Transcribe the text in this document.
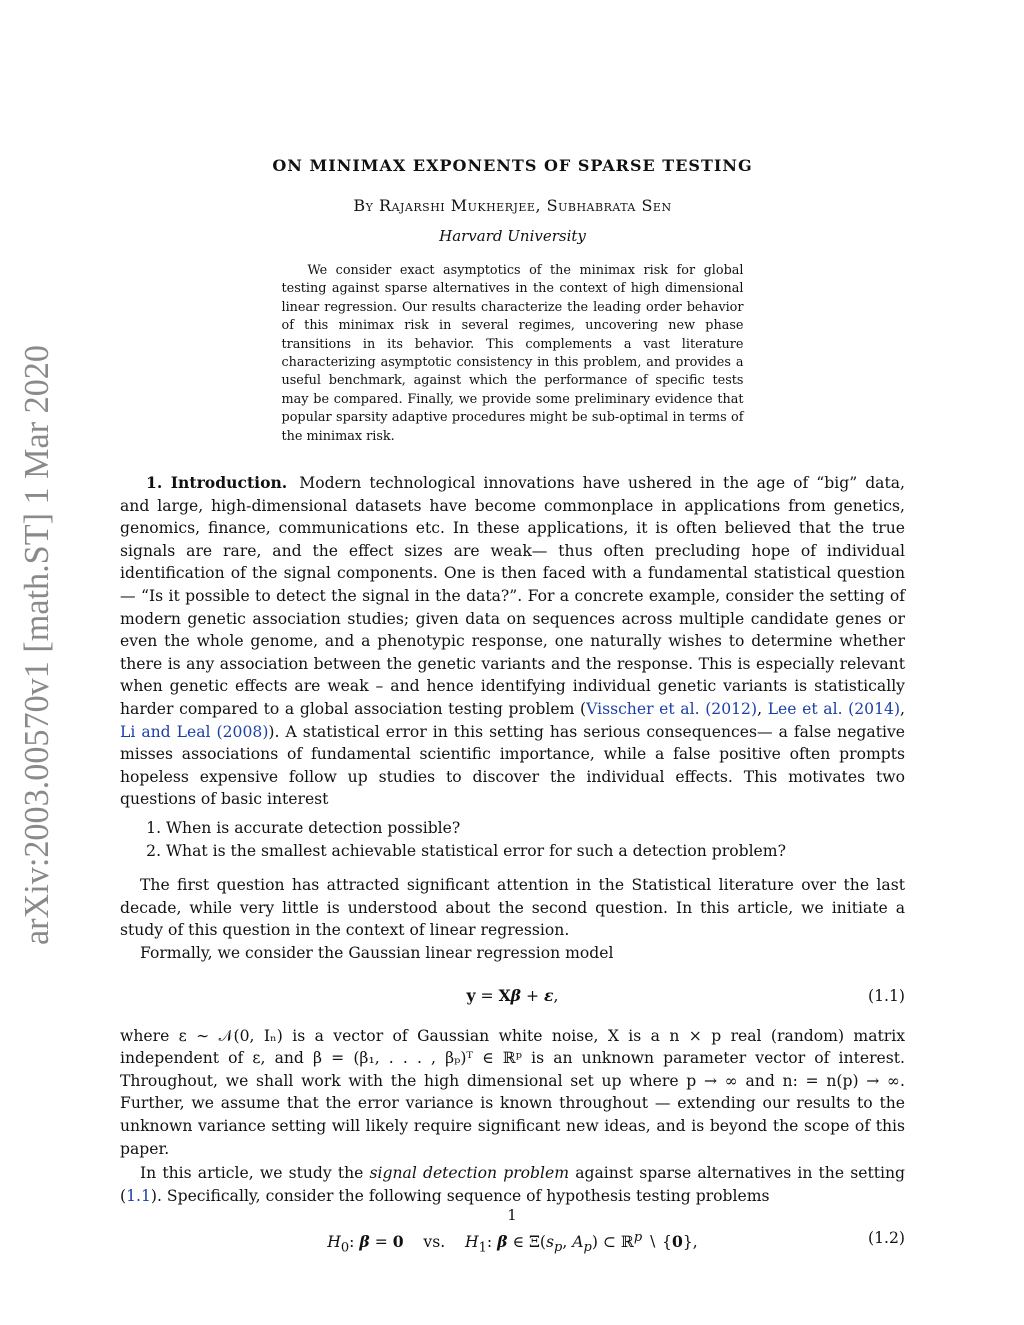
arXiv:2003.00570v1 [math.ST] 1 Mar 2020
ON MINIMAX EXPONENTS OF SPARSE TESTING
By Rajarshi Mukherjee, Subhabrata Sen
Harvard University

We consider exact asymptotics of the minimax risk for global testing against sparse alternatives in the context of high dimensional linear regression. Our results characterize the leading order behavior of this minimax risk in several regimes, uncovering new phase transitions in its behavior. This complements a vast literature characterizing asymptotic consistency in this problem, and provides a useful benchmark, against which the performance of specific tests may be compared. Finally, we provide some preliminary evidence that popular sparsity adaptive procedures might be sub-optimal in terms of the minimax risk.

1. Introduction. Modern technological innovations have ushered in the age of “big” data, and large, high-dimensional datasets have become commonplace in applications from genetics, genomics, finance, communications etc. In these applications, it is often believed that the true signals are rare, and the effect sizes are weak— thus often precluding hope of individual identification of the signal components. One is then faced with a fundamental statistical question— “Is it possible to detect the signal in the data?”. For a concrete example, consider the setting of modern genetic association studies; given data on sequences across multiple candidate genes or even the whole genome, and a phenotypic response, one naturally wishes to determine whether there is any association between the genetic variants and the response. This is especially relevant when genetic effects are weak – and hence identifying individual genetic variants is statistically harder compared to a global association testing problem (Visscher et al. (2012), Lee et al. (2014), Li and Leal (2008)). A statistical error in this setting has serious consequences— a false negative misses associations of fundamental scientific importance, while a false positive often prompts hopeless expensive follow up studies to discover the individual effects. This motivates two questions of basic interest

1. When is accurate detection possible?
2. What is the smallest achievable statistical error for such a detection problem?

The first question has attracted significant attention in the Statistical literature over the last decade, while very little is understood about the second question. In this article, we initiate a study of this question in the context of linear regression.

Formally, we consider the Gaussian linear regression model

y = Xβ + ε,	(1.1)

where ε ∼ 𝒩(0, Iₙ) is a vector of Gaussian white noise, X is a n × p real (random) matrix independent of ε, and β = (β₁, . . . , βₚ)ᵀ ∈ ℝᵖ is an unknown parameter vector of interest. Throughout, we shall work with the high dimensional set up where p → ∞ and n: = n(p) → ∞. Further, we assume that the error variance is known throughout — extending our results to the unknown variance setting will likely require significant new ideas, and is beyond the scope of this paper.

In this article, we study the signal detection problem against sparse alternatives in the setting (1.1). Specifically, consider the following sequence of hypothesis testing problems

$H_0$: β = 0    vs.    $H_1$: β ∈ $\Xi(s_p$, $A_p$) ⊂ ℝ$^p$ ∖ {0},	(1.2)
1
